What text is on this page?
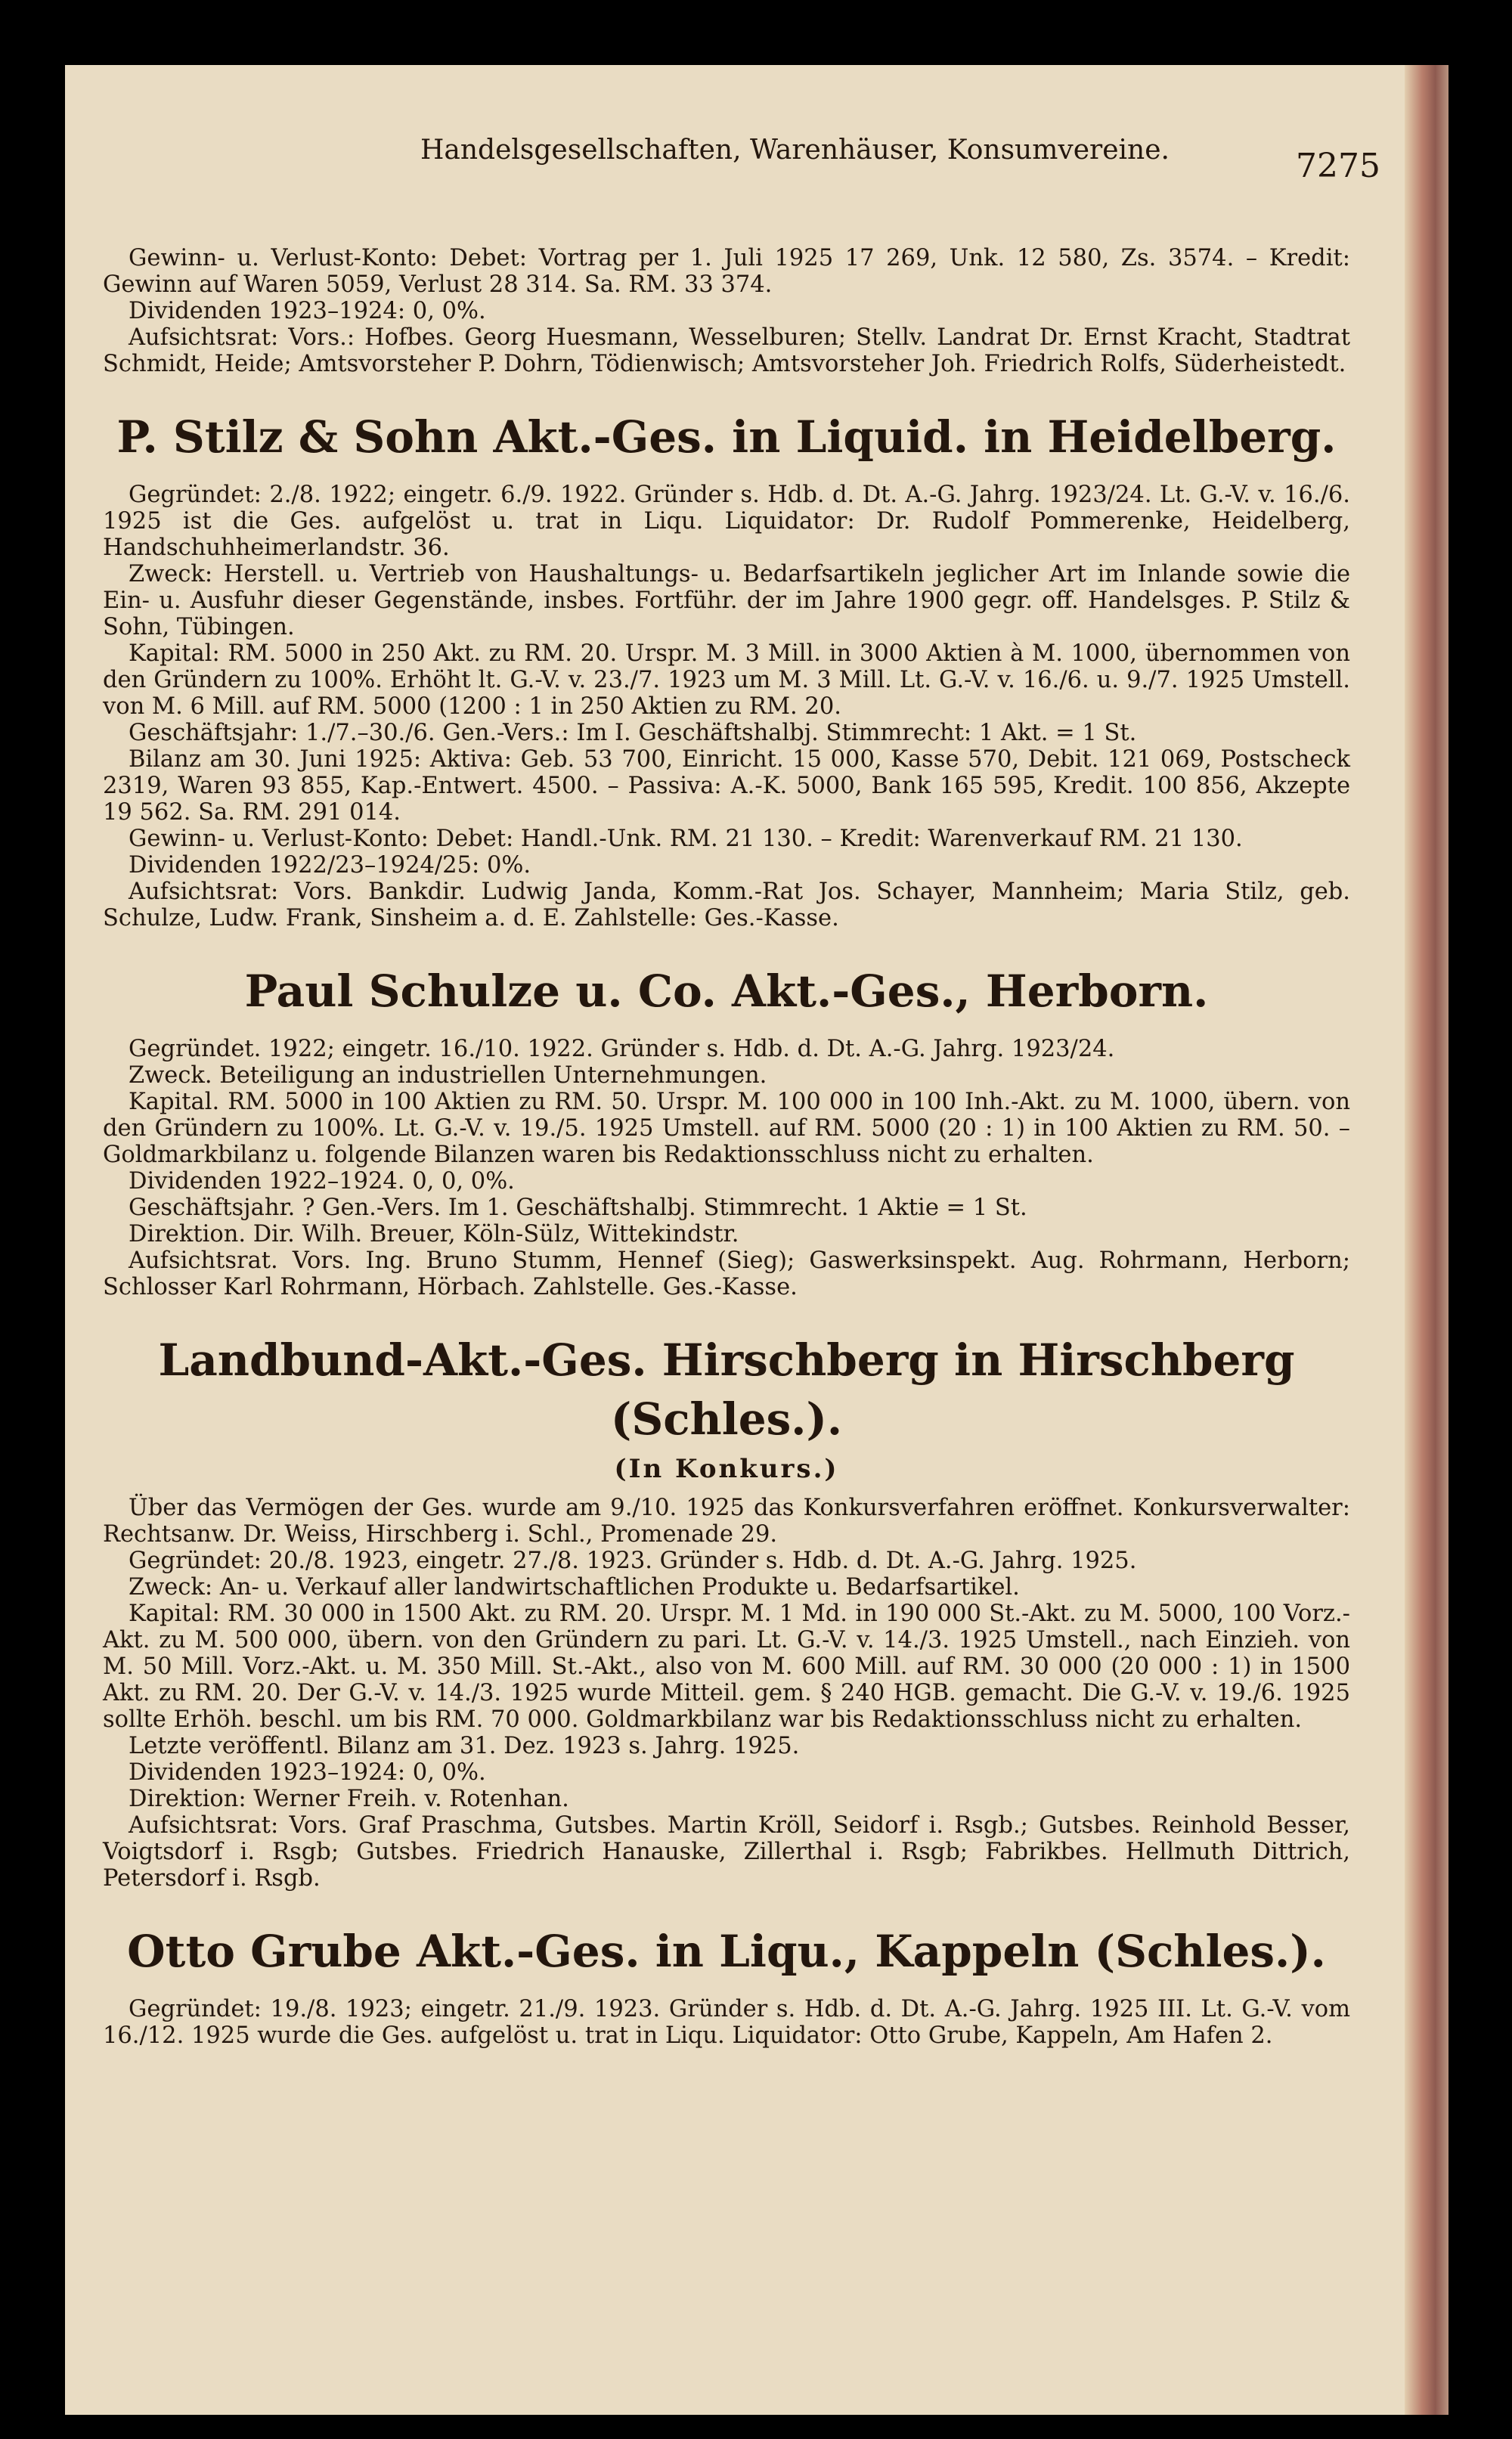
Handelsgesellschaften, Warenhäuser, Konsumvereine.	7275

Gewinn- u. Verlust-Konto: Debet: Vortrag per 1. Juli 1925 17 269, Unk. 12 580, Zs. 3574. – Kredit: Gewinn auf Waren 5059, Verlust 28 314. Sa. RM. 33 374.

Dividenden 1923–1924: 0, 0%.

Aufsichtsrat: Vors.: Hofbes. Georg Huesmann, Wesselburen; Stellv. Landrat Dr. Ernst Kracht, Stadtrat Schmidt, Heide; Amtsvorsteher P. Dohrn, Tödienwisch; Amtsvorsteher Joh. Friedrich Rolfs, Süderheistedt.

P. Stilz & Sohn Akt.-Ges. in Liquid. in Heidelberg.

Gegründet: 2./8. 1922; eingetr. 6./9. 1922. Gründer s. Hdb. d. Dt. A.-G. Jahrg. 1923/24. Lt. G.-V. v. 16./6. 1925 ist die Ges. aufgelöst u. trat in Liqu. Liquidator: Dr. Rudolf Pommerenke, Heidelberg, Handschuhheimerlandstr. 36.

Zweck: Herstell. u. Vertrieb von Haushaltungs- u. Bedarfsartikeln jeglicher Art im Inlande sowie die Ein- u. Ausfuhr dieser Gegenstände, insbes. Fortführ. der im Jahre 1900 gegr. off. Handelsges. P. Stilz & Sohn, Tübingen.

Kapital: RM. 5000 in 250 Akt. zu RM. 20. Urspr. M. 3 Mill. in 3000 Aktien à M. 1000, übernommen von den Gründern zu 100%. Erhöht lt. G.-V. v. 23./7. 1923 um M. 3 Mill. Lt. G.-V. v. 16./6. u. 9./7. 1925 Umstell. von M. 6 Mill. auf RM. 5000 (1200 : 1 in 250 Aktien zu RM. 20.

Geschäftsjahr: 1./7.–30./6. Gen.-Vers.: Im I. Geschäftshalbj. Stimmrecht: 1 Akt. = 1 St.

Bilanz am 30. Juni 1925: Aktiva: Geb. 53 700, Einricht. 15 000, Kasse 570, Debit. 121 069, Postscheck 2319, Waren 93 855, Kap.-Entwert. 4500. – Passiva: A.-K. 5000, Bank 165 595, Kredit. 100 856, Akzepte 19 562. Sa. RM. 291 014.

Gewinn- u. Verlust-Konto: Debet: Handl.-Unk. RM. 21 130. – Kredit: Warenverkauf RM. 21 130.

Dividenden 1922/23–1924/25: 0%.

Aufsichtsrat: Vors. Bankdir. Ludwig Janda, Komm.-Rat Jos. Schayer, Mannheim; Maria Stilz, geb. Schulze, Ludw. Frank, Sinsheim a. d. E. Zahlstelle: Ges.-Kasse.

Paul Schulze u. Co. Akt.-Ges., Herborn.

Gegründet. 1922; eingetr. 16./10. 1922. Gründer s. Hdb. d. Dt. A.-G. Jahrg. 1923/24.

Zweck. Beteiligung an industriellen Unternehmungen.

Kapital. RM. 5000 in 100 Aktien zu RM. 50. Urspr. M. 100 000 in 100 Inh.-Akt. zu M. 1000, übern. von den Gründern zu 100%. Lt. G.-V. v. 19./5. 1925 Umstell. auf RM. 5000 (20 : 1) in 100 Aktien zu RM. 50. – Goldmarkbilanz u. folgende Bilanzen waren bis Redaktionsschluss nicht zu erhalten.

Dividenden 1922–1924. 0, 0, 0%.

Geschäftsjahr. ? Gen.-Vers. Im 1. Geschäftshalbj. Stimmrecht. 1 Aktie = 1 St.

Direktion. Dir. Wilh. Breuer, Köln-Sülz, Wittekindstr.

Aufsichtsrat. Vors. Ing. Bruno Stumm, Hennef (Sieg); Gaswerksinspekt. Aug. Rohrmann, Herborn; Schlosser Karl Rohrmann, Hörbach. Zahlstelle. Ges.-Kasse.

Landbund-Akt.-Ges. Hirschberg in Hirschberg (Schles.).
(In Konkurs.)

Über das Vermögen der Ges. wurde am 9./10. 1925 das Konkursverfahren eröffnet. Konkursverwalter: Rechtsanw. Dr. Weiss, Hirschberg i. Schl., Promenade 29.

Gegründet: 20./8. 1923, eingetr. 27./8. 1923. Gründer s. Hdb. d. Dt. A.-G. Jahrg. 1925.

Zweck: An- u. Verkauf aller landwirtschaftlichen Produkte u. Bedarfsartikel.

Kapital: RM. 30 000 in 1500 Akt. zu RM. 20. Urspr. M. 1 Md. in 190 000 St.-Akt. zu M. 5000, 100 Vorz.-Akt. zu M. 500 000, übern. von den Gründern zu pari. Lt. G.-V. v. 14./3. 1925 Umstell., nach Einzieh. von M. 50 Mill. Vorz.-Akt. u. M. 350 Mill. St.-Akt., also von M. 600 Mill. auf RM. 30 000 (20 000 : 1) in 1500 Akt. zu RM. 20. Der G.-V. v. 14./3. 1925 wurde Mitteil. gem. § 240 HGB. gemacht. Die G.-V. v. 19./6. 1925 sollte Erhöh. beschl. um bis RM. 70 000. Goldmarkbilanz war bis Redaktionsschluss nicht zu erhalten.

Letzte veröffentl. Bilanz am 31. Dez. 1923 s. Jahrg. 1925.

Dividenden 1923–1924: 0, 0%.

Direktion: Werner Freih. v. Rotenhan.

Aufsichtsrat: Vors. Graf Praschma, Gutsbes. Martin Kröll, Seidorf i. Rsgb.; Gutsbes. Reinhold Besser, Voigtsdorf i. Rsgb; Gutsbes. Friedrich Hanauske, Zillerthal i. Rsgb; Fabrikbes. Hellmuth Dittrich, Petersdorf i. Rsgb.

Otto Grube Akt.-Ges. in Liqu., Kappeln (Schles.).

Gegründet: 19./8. 1923; eingetr. 21./9. 1923. Gründer s. Hdb. d. Dt. A.-G. Jahrg. 1925 III. Lt. G.-V. vom 16./12. 1925 wurde die Ges. aufgelöst u. trat in Liqu. Liquidator: Otto Grube, Kappeln, Am Hafen 2.
